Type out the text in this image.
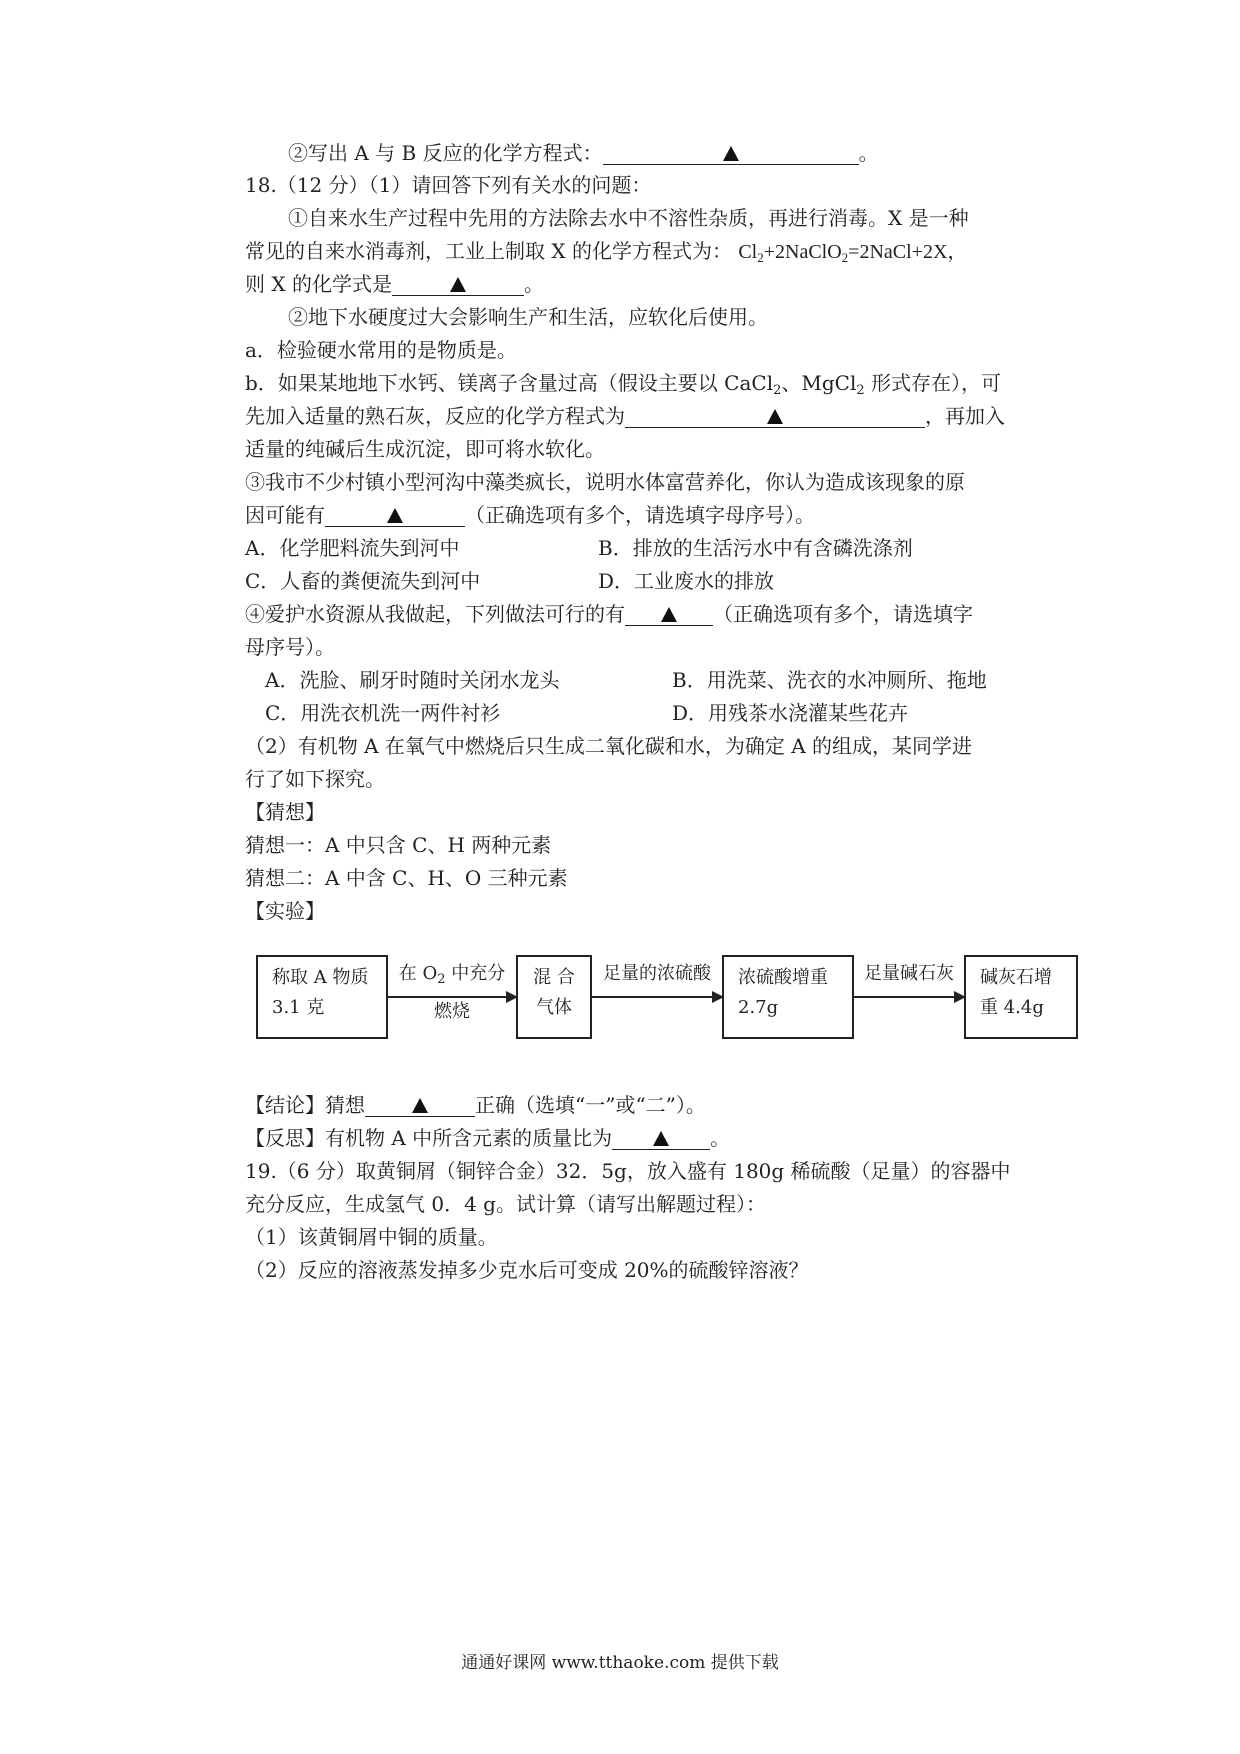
②写出 A 与 B 反应的化学方程式：	。
18.（12 分）（1）请回答下列有关水的问题：
①自来水生产过程中先用的方法除去水中不溶性杂质，再进行消毒。X 是一种
常见的自来水消毒剂，工业上制取 X 的化学方程式为： $Cl_2+2NaClO_2=2NaCl+2X$，
则 X 的化学式是	。
②地下水硬度过大会影响生产和生活，应软化后使用。
a．检验硬水常用的是物质是。
b．如果某地地下水钙、镁离子含量过高（假设主要以 CaCl$_2$、MgCl$_2$ 形式存在），可
先加入适量的熟石灰，反应的化学方程式为	，再加入
适量的纯碱后生成沉淀，即可将水软化。
③我市不少村镇小型河沟中藻类疯长，说明水体富营养化，你认为造成该现象的原
因可能有	（正确选项有多个，请选填字母序号）。
A．化学肥料流失到河中	B．排放的生活污水中有含磷洗涤剂
C．人畜的粪便流失到河中	D．工业废水的排放
④爱护水资源从我做起，下列做法可行的有	（正确选项有多个，请选填字
母序号）。
A．洗脸、刷牙时随时关闭水龙头	B．用洗菜、洗衣的水冲厕所、拖地
C．用洗衣机洗一两件衬衫	D．用残茶水浇灌某些花卉
（2）有机物 A 在氧气中燃烧后只生成二氧化碳和水，为确定 A 的组成，某同学进
行了如下探究。
【猜想】
猜想一：A 中只含 C、H 两种元素
猜想二：A 中含 C、H、O 三种元素
【实验】
称取 A 物质
3.1 克
在 $O_2$ 中充分
燃烧
混 合
气体
足量的浓硫酸	浓硫酸增重
2.7g
足量碱石灰	碱灰石增
重 4.4g
【结论】猜想	正确（选填“一”或“二”）。
【反思】有机物 A 中所含元素的质量比为	。
19.（6 分）取黄铜屑（铜锌合金）32．5g，放入盛有 180g 稀硫酸（足量）的容器中
充分反应，生成氢气 0．4 g。试计算（请写出解题过程）：
（1）该黄铜屑中铜的质量。
（2）反应的溶液蒸发掉多少克水后可变成 20%的硫酸锌溶液？
通通好课网 www.tthaoke.com 提供下载
